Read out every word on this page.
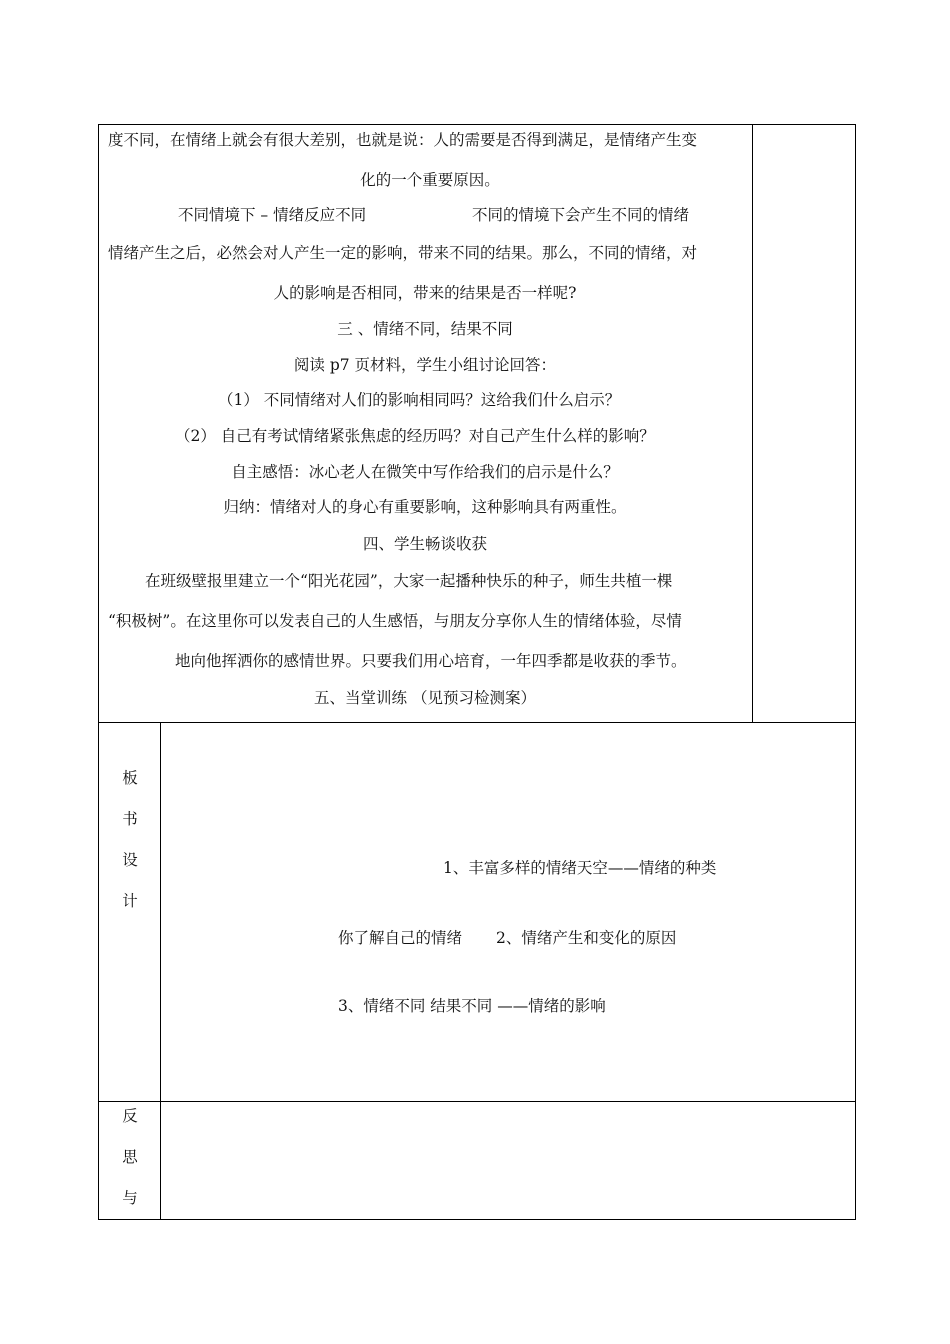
度不同，在情绪上就会有很大差别，也就是说：人的需要是否得到满足，是情绪产生变
化的一个重要原因。
不同情境下 – 情绪反应不同	不同的情境下会产生不同的情绪
情绪产生之后，必然会对人产生一定的影响，带来不同的结果。那么，不同的情绪，对
人的影响是否相同，带来的结果是否一样呢?
三 、情绪不同，结果不同
阅读 p7 页材料，学生小组讨论回答：
（1） 不同情绪对人们的影响相同吗？这给我们什么启示？
（2） 自己有考试情绪紧张焦虑的经历吗？对自己产生什么样的影响？
自主感悟：冰心老人在微笑中写作给我们的启示是什么？
归纳：情绪对人的身心有重要影响，这种影响具有两重性。
四、学生畅谈收获
在班级壁报里建立一个“阳光花园”，大家一起播种快乐的种子，师生共植一棵
“积极树”。在这里你可以发表自己的人生感悟，与朋友分享你人生的情绪体验，尽情
地向他挥洒你的感情世界。只要我们用心培育，一年四季都是收获的季节。
五、当堂训练 （见预习检测案）
板
书
设
计
1、丰富多样的情绪天空——情绪的种类
你了解自己的情绪 2、情绪产生和变化的原因
3、情绪不同 结果不同 ——情绪的影响
反
思
与
